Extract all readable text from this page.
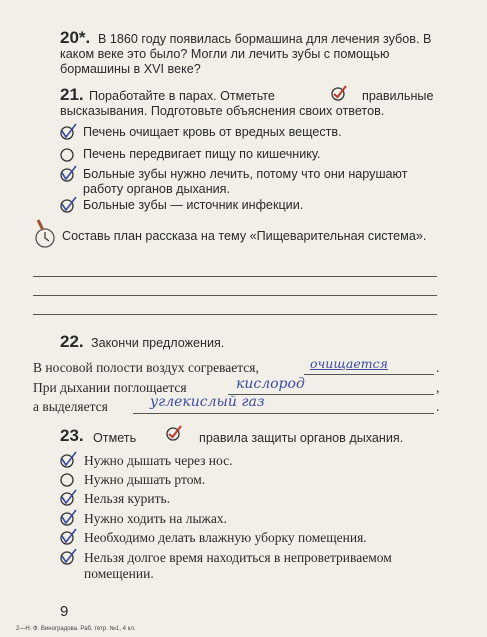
20*. В 1860 году появилась бормашина для лечения зубов. В каком веке это было? Могли ли лечить зубы с помощью бормашины в XVI веке?
21. Поработайте в парах. Отметьте	правильные
высказывания. Подготовьте объяснения своих ответов.
Печень очищает кровь от вредных веществ.
Печень передвигает пищу по кишечнику.
Больные зубы нужно лечить, потому что они нарушают работу органов дыхания.
Больные зубы — источник инфекции.
Составь план рассказа на тему «Пищеварительная система».
22. Закончи предложения.
В носовой полости воздух согревается,	очищается	.
При дыхании поглощается	кислород	,
а выделяется	углекислый газ	.
23. Отметь	правила защиты органов дыхания.
Нужно дышать через нос.
Нужно дышать ртом.
Нельзя курить.
Нужно ходить на лыжах.
Необходимо делать влажную уборку помещения.
Нельзя долгое время находиться в непроветриваемом помещении.
9
2—Н. Ф. Виноградова. Раб. тетр. №1, 4 кл.
